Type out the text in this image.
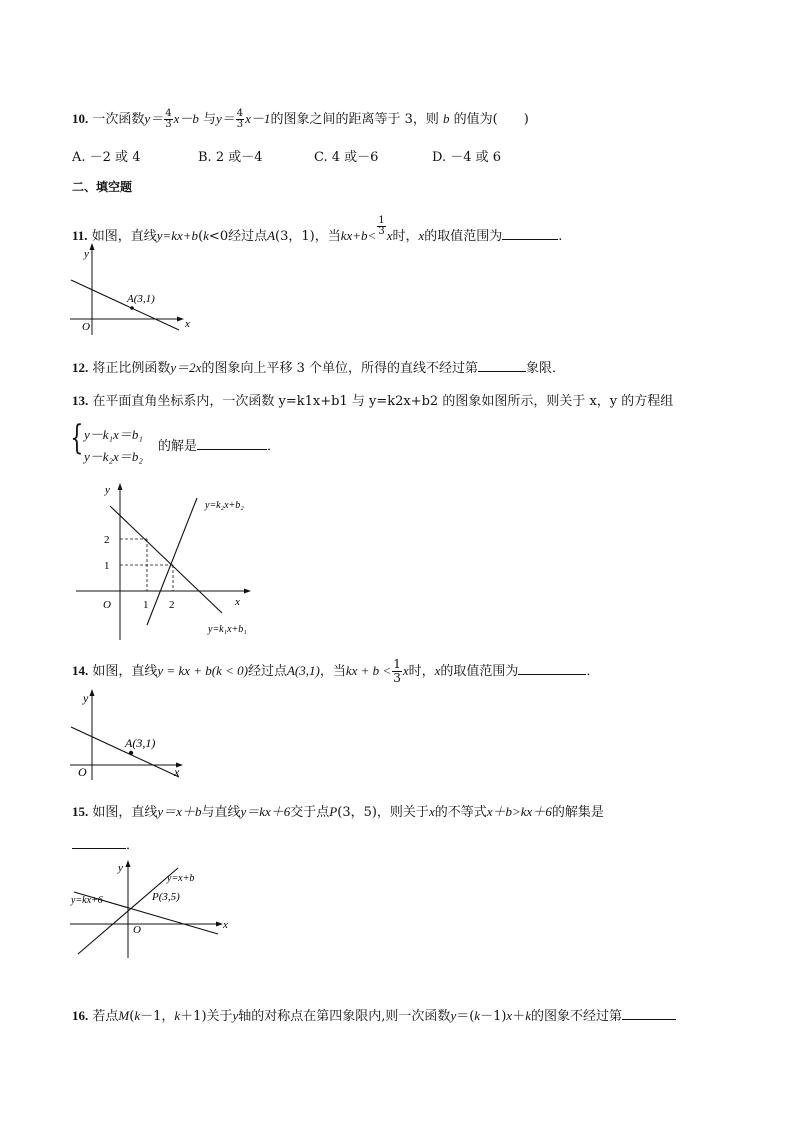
10. 一次函数$y= \frac{4}{3} x-b$ 与$y= \frac{4}{3} x-1$的图象之间的距离等于 3，则 b 的值为(　　)
A. －2 或 4	B. 2 或－4	C. 4 或－6	D. －4 或 6
二、填空题
11. 如图，直线y=kx+b(k<0经过点A(3，1)，当$kx+b< \frac{1}{3}$ x时，x的取值范围为	.
y
x
O
A(3,1)
12. 将正比例函数y＝2x的图象向上平移 3 个单位，所得的直线不经过第	象限．
13. 在平面直角坐标系内，一次函数 y=k1x+b1 与 y=k2x+b2 的图象如图所示，则关于 x，y 的方程组
{ y－k₁x＝b₁
y－k₂x＝b₂
的解是	．
y
x
O	1 2
1
2
y=k₂x+b₂
y=k₁x+b₁
14. 如图，直线y = kx + b(k < 0)经过点A(3,1)，当kx + $b < \frac{1}{3}$ x时，x的取值范围为	．
y
x
O
A(3,1)
15. 如图，直线y＝x＋b与直线y＝kx＋6交于点P(3，5)，则关于x的不等式x＋b>kx＋6的解集是
．
y
x
O
P(3,5)
y=x+b
y=kx+6
16. 若点M(k－1，k＋1)关于y轴的对称点在第四象限内,则一次函数y＝(k－1)x＋k的图象不经过第
